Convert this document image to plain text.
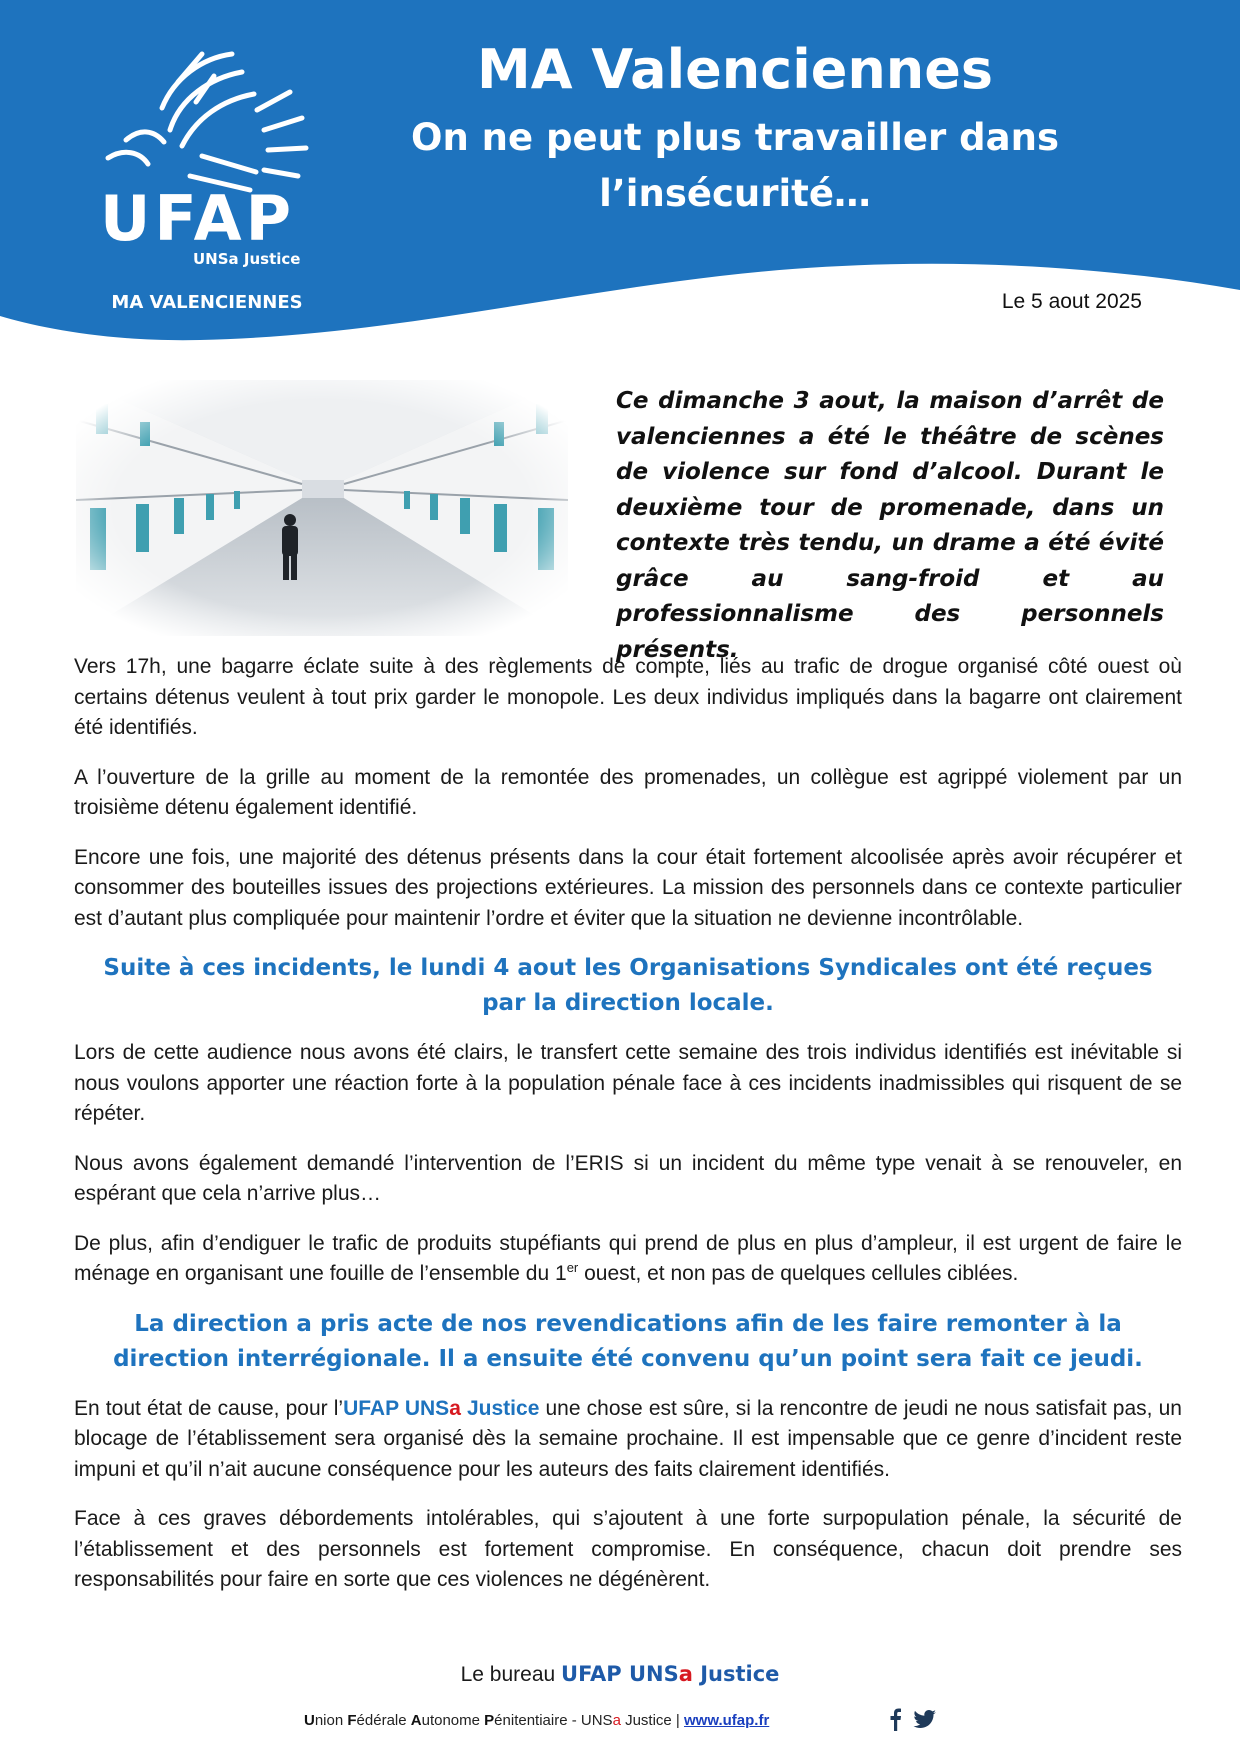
UFAP
UNSa Justice
MA VALENCIENNES
MA Valenciennes
On ne peut plus travailler dans
l’insécurité…
Le 5 aout 2025
Ce dimanche 3 aout, la maison d’arrêt de valenciennes a été le théâtre de scènes de violence sur fond d’alcool. Durant le deuxième tour de promenade, dans un contexte très tendu, un drame a été évité grâce au sang-froid et au professionnalisme des personnels présents.

Vers 17h, une bagarre éclate suite à des règlements de compte, liés au trafic de drogue organisé côté ouest où certains détenus veulent à tout prix garder le monopole. Les deux individus impliqués dans la bagarre ont clairement été identifiés.

A l’ouverture de la grille au moment de la remontée des promenades, un collègue est agrippé violement par un troisième détenu également identifié.

Encore une fois, une majorité des détenus présents dans la cour était fortement alcoolisée après avoir récupérer et consommer des bouteilles issues des projections extérieures. La mission des personnels dans ce contexte particulier est d’autant plus compliquée pour maintenir l’ordre et éviter que la situation ne devienne incontrôlable.

Suite à ces incidents, le lundi 4 aout les Organisations Syndicales ont été reçues par la direction locale.

Lors de cette audience nous avons été clairs, le transfert cette semaine des trois individus identifiés est inévitable si nous voulons apporter une réaction forte à la population pénale face à ces incidents inadmissibles qui risquent de se répéter.

Nous avons également demandé l’intervention de l’ERIS si un incident du même type venait à se renouveler, en espérant que cela n’arrive plus…

De plus, afin d’endiguer le trafic de produits stupéfiants qui prend de plus en plus d’ampleur, il est urgent de faire le ménage en organisant une fouille de l’ensemble du 1er ouest, et non pas de quelques cellules ciblées.

La direction a pris acte de nos revendications afin de les faire remonter à la direction interrégionale. Il a ensuite été convenu qu’un point sera fait ce jeudi.

En tout état de cause, pour l’UFAP UNSa Justice une chose est sûre, si la rencontre de jeudi ne nous satisfait pas, un blocage de l’établissement sera organisé dès la semaine prochaine. Il est impensable que ce genre d’incident reste impuni et qu’il n’ait aucune conséquence pour les auteurs des faits clairement identifiés.

Face à ces graves débordements intolérables, qui s’ajoutent à une forte surpopulation pénale, la sécurité de l’établissement et des personnels est fortement compromise. En conséquence, chacun doit prendre ses responsabilités pour faire en sorte que ces violences ne dégénèrent.

Le bureau UFAP UNSa Justice
Union Fédérale Autonome Pénitentiaire - UNSa Justice | www.ufap.fr
